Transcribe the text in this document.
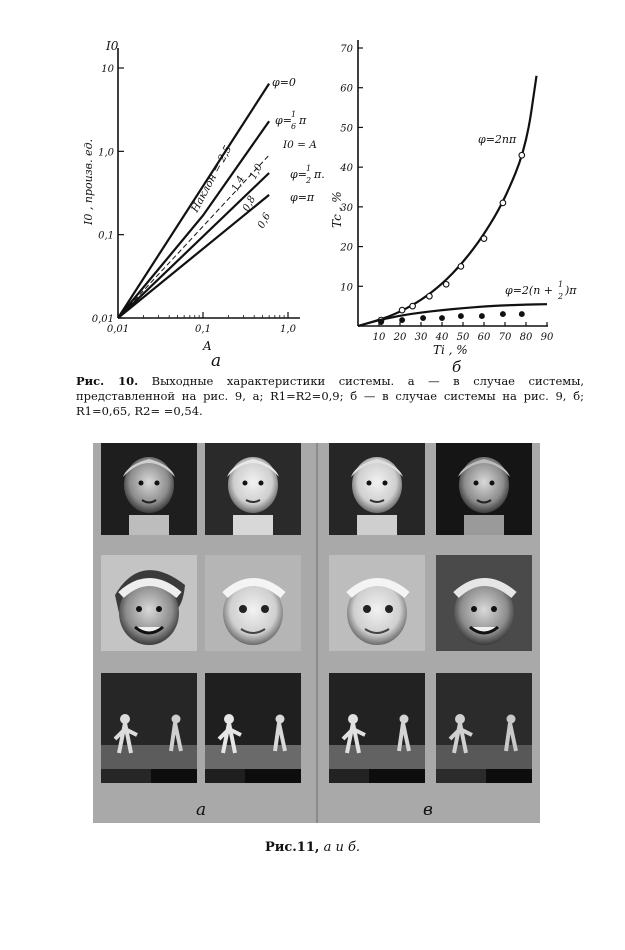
0,01
0,1
1,0
10
0,01	0,1	1,0
I0
I0 , произв. ед.
A
а
Наклон = 2,5	I0 = A
φ=0
φ= 1
6 π
φ= 1
2 π.
φ=π
1,4
1,0
0,8
0,6
10
20
30
40
50
60
70
10 20 30 40 50 60 70 80 90
Tc , %
Ti , %
б
φ=2nπ
φ=2(n + 1
2 )π
Рис. 10. Выходные характеристики системы. а — в случае системы, представленной на рис. 9, а; R1=R2=0,9; б — в случае системы на рис. 9, б; R1=0,65, R2= =0,54.
а	в
Рис.11, а и б.
